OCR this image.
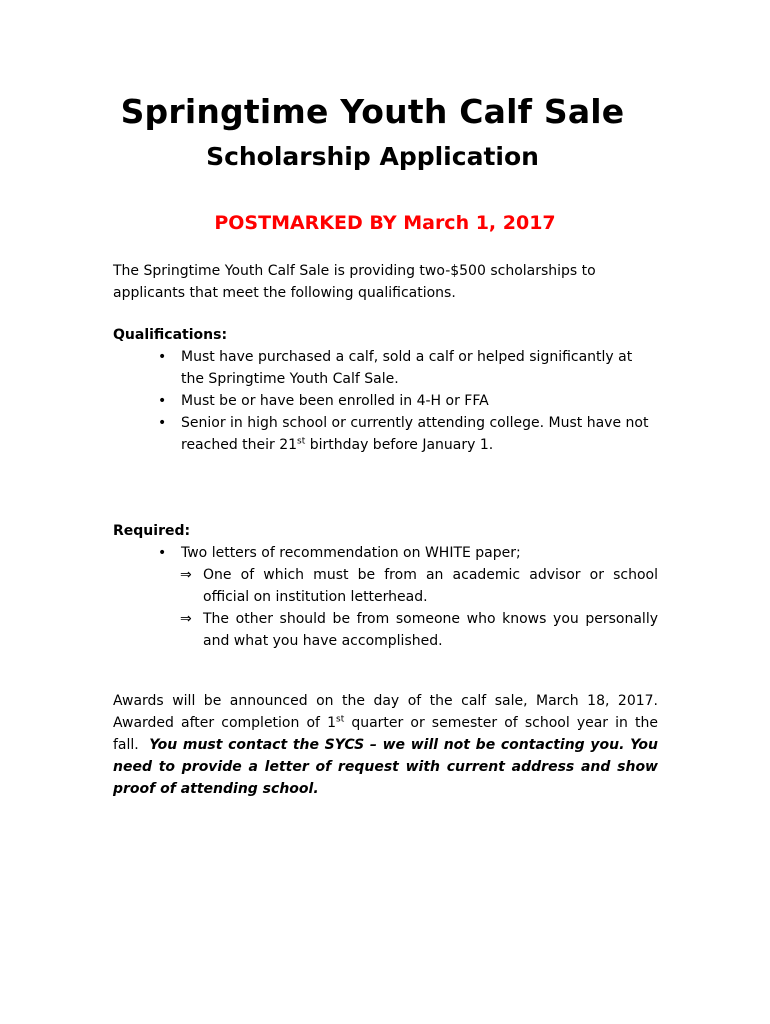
Springtime Youth Calf Sale
Scholarship Application

POSTMARKED BY March 1, 2017

The Springtime Youth Calf Sale is providing two-$500 scholarships to applicants that meet the following qualifications.

Qualifications:

• Must have purchased a calf, sold a calf or helped significantly at the Springtime Youth Calf Sale.
• Must be or have been enrolled in 4-H or FFA
• Senior in high school or currently attending college. Must have not reached their 21st birthday before January 1.

Required:

• Two letters of recommendation on WHITE paper;
⇒ One of which must be from an academic advisor or school official on institution letterhead.
⇒ The other should be from someone who knows you personally and what you have accomplished.

Awards will be announced on the day of the calf sale, March 18, 2017. Awarded after completion of 1st quarter or semester of school year in the fall. You must contact the SYCS – we will not be contacting you. You need to provide a letter of request with current address and show proof of attending school.
